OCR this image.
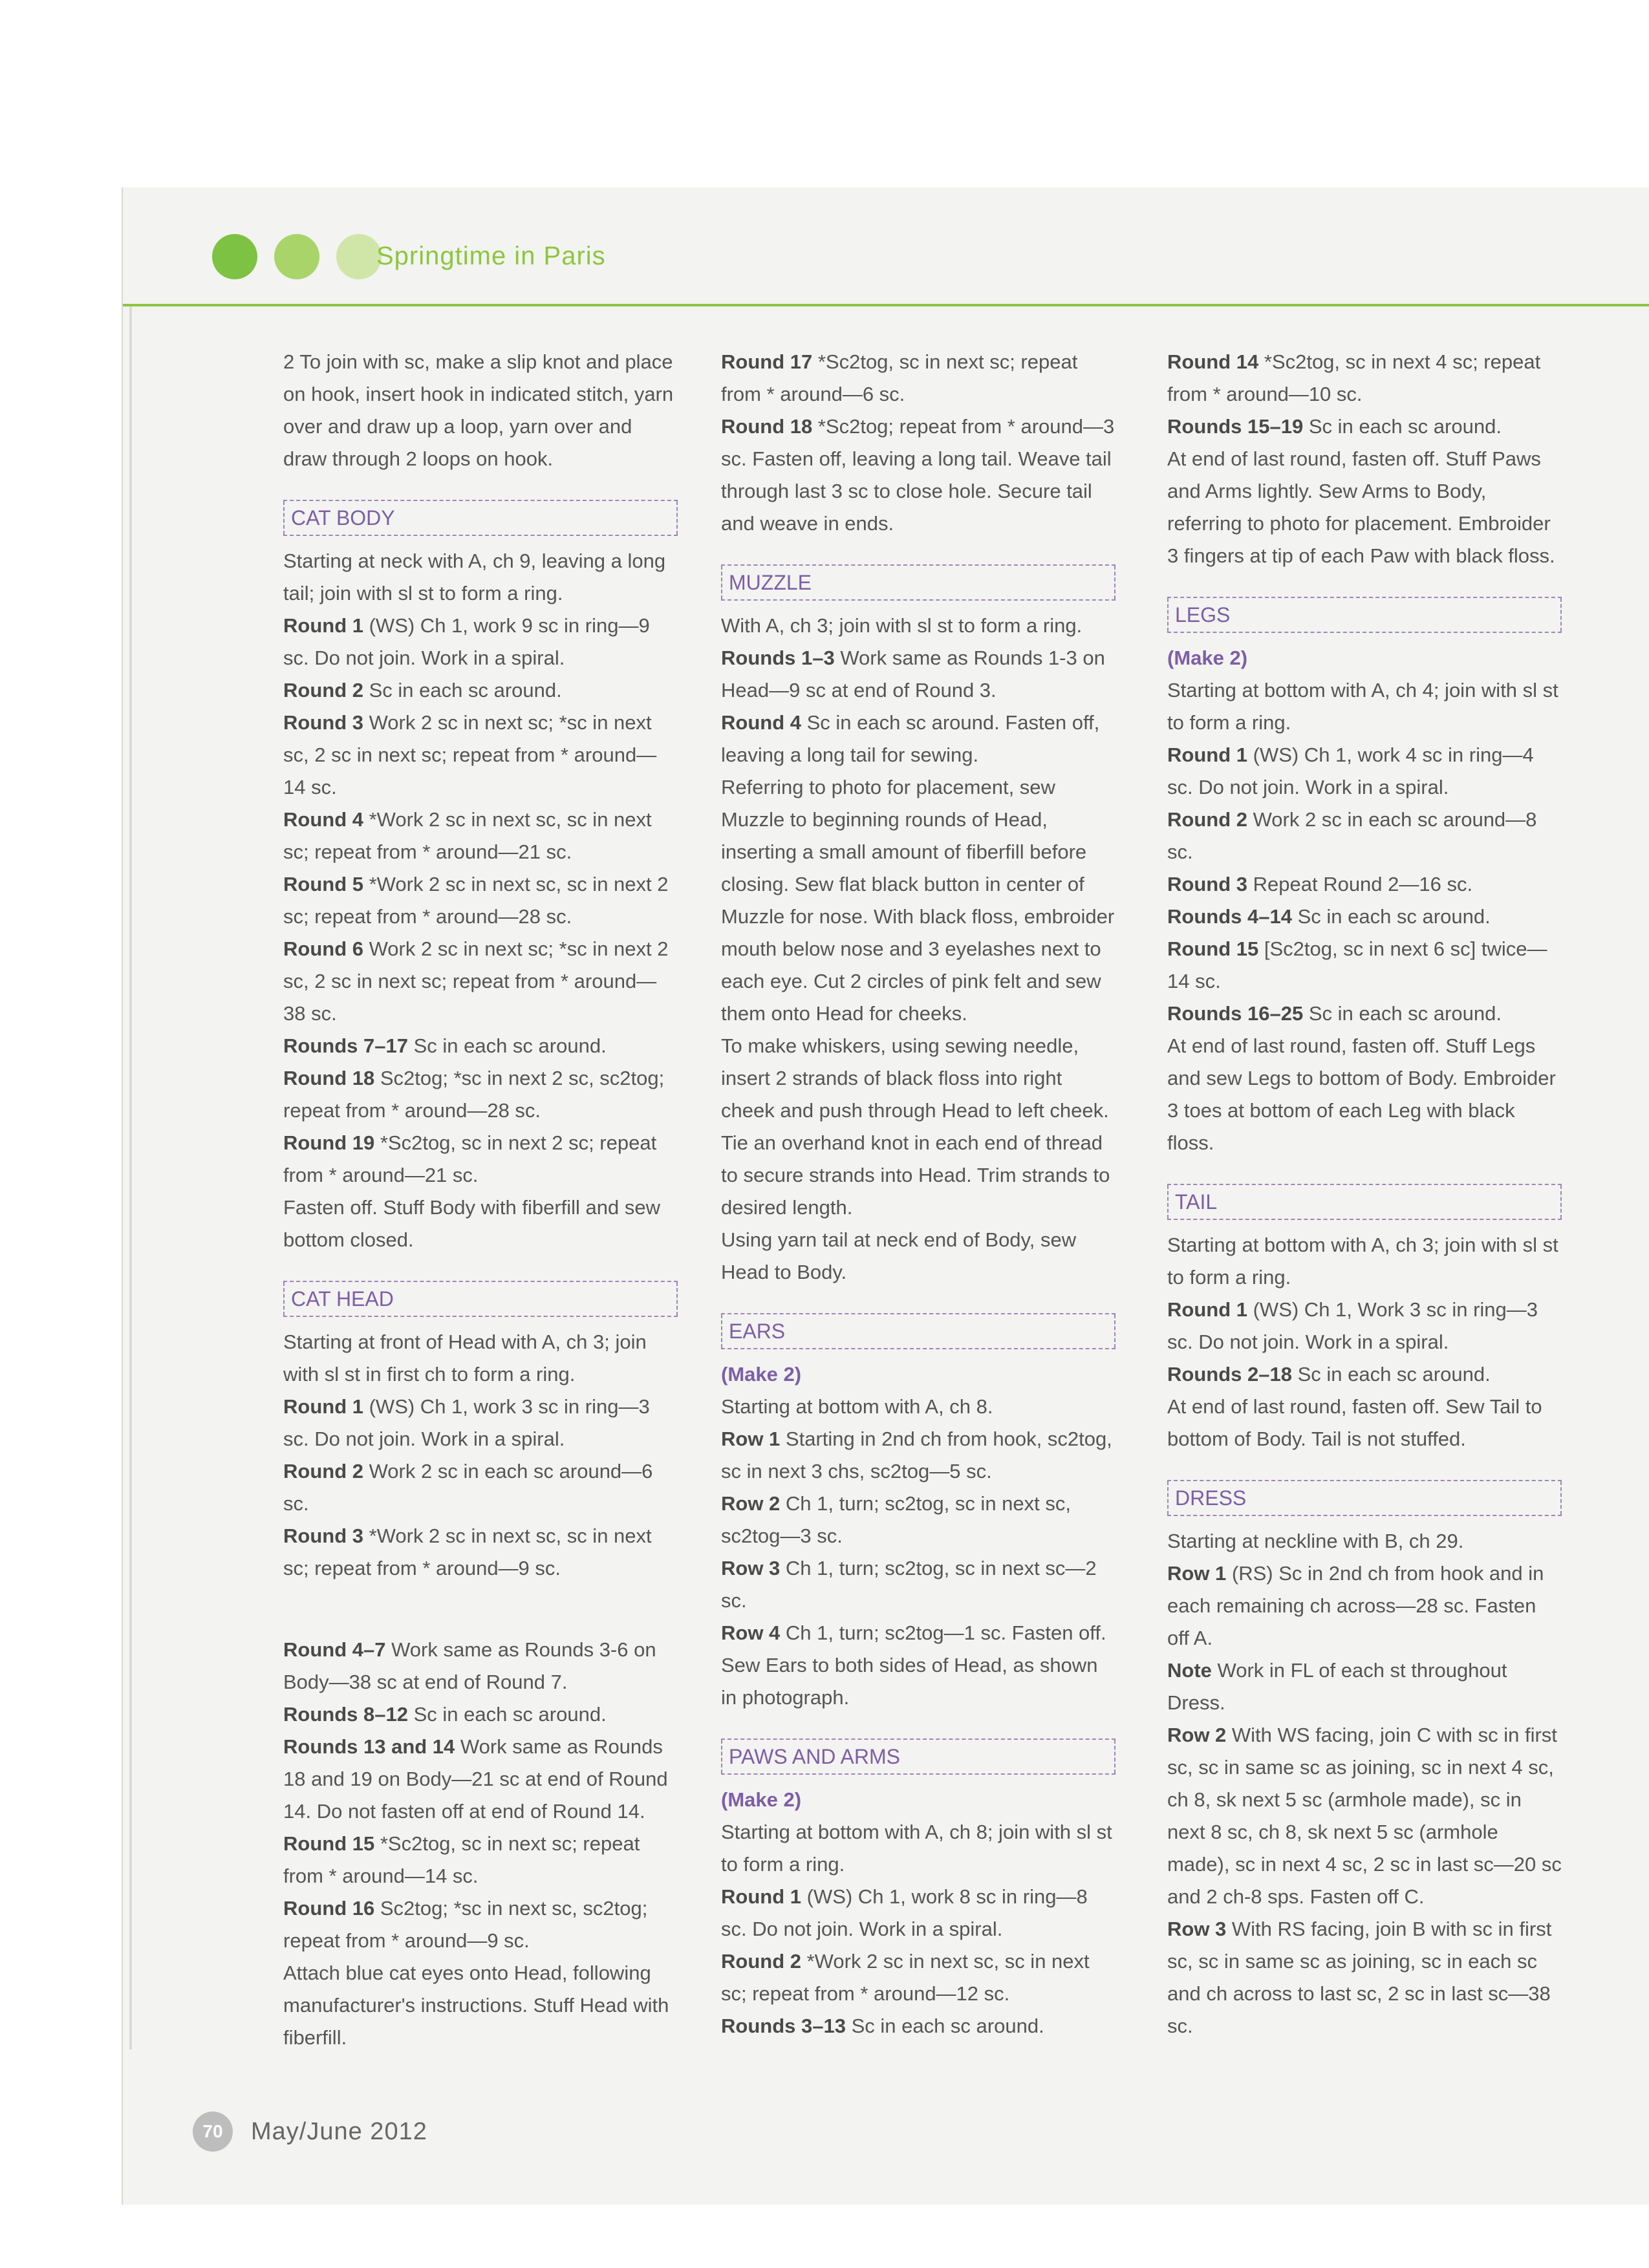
Springtime in Paris

2 To join with sc, make a slip knot and place on hook, insert hook in indicated stitch, yarn over and draw up a loop, yarn over and draw through 2 loops on hook.

CAT BODY

Starting at neck with A, ch 9, leaving a long tail; join with sl st to form a ring.

Round 1 (WS) Ch 1, work 9 sc in ring—9 sc. Do not join. Work in a spiral.

Round 2 Sc in each sc around.

Round 3 Work 2 sc in next sc; *sc in next sc, 2 sc in next sc; repeat from * around—14 sc.

Round 4 *Work 2 sc in next sc, sc in next sc; repeat from * around—21 sc.

Round 5 *Work 2 sc in next sc, sc in next 2 sc; repeat from * around—28 sc.

Round 6 Work 2 sc in next sc; *sc in next 2 sc, 2 sc in next sc; repeat from * around—38 sc.

Rounds 7–17 Sc in each sc around.

Round 18 Sc2tog; *sc in next 2 sc, sc2tog; repeat from * around—28 sc.

Round 19 *Sc2tog, sc in next 2 sc; repeat from * around—21 sc.

Fasten off. Stuff Body with fiberfill and sew bottom closed.

CAT HEAD

Starting at front of Head with A, ch 3; join with sl st in first ch to form a ring.

Round 1 (WS) Ch 1, work 3 sc in ring—3 sc. Do not join. Work in a spiral.

Round 2 Work 2 sc in each sc around—6 sc.

Round 3 *Work 2 sc in next sc, sc in next sc; repeat from * around—9 sc.

Round 4–7 Work same as Rounds 3-6 on Body—38 sc at end of Round 7.

Rounds 8–12 Sc in each sc around.

Rounds 13 and 14 Work same as Rounds 18 and 19 on Body—21 sc at end of Round 14. Do not fasten off at end of Round 14.

Round 15 *Sc2tog, sc in next sc; repeat from * around—14 sc.

Round 16 Sc2tog; *sc in next sc, sc2tog; repeat from * around—9 sc.

Attach blue cat eyes onto Head, following manufacturer's instructions. Stuff Head with fiberfill.

Round 17 *Sc2tog, sc in next sc; repeat from * around—6 sc.

Round 18 *Sc2tog; repeat from * around—3 sc. Fasten off, leaving a long tail. Weave tail through last 3 sc to close hole. Secure tail and weave in ends.

MUZZLE

With A, ch 3; join with sl st to form a ring.

Rounds 1–3 Work same as Rounds 1-3 on Head—9 sc at end of Round 3.

Round 4 Sc in each sc around. Fasten off, leaving a long tail for sewing.

Referring to photo for placement, sew Muzzle to beginning rounds of Head, inserting a small amount of fiberfill before closing. Sew flat black button in center of Muzzle for nose. With black floss, embroider mouth below nose and 3 eyelashes next to each eye. Cut 2 circles of pink felt and sew them onto Head for cheeks.

To make whiskers, using sewing needle, insert 2 strands of black floss into right cheek and push through Head to left cheek. Tie an overhand knot in each end of thread to secure strands into Head. Trim strands to desired length.

Using yarn tail at neck end of Body, sew Head to Body.

EARS

(Make 2)

Starting at bottom with A, ch 8.

Row 1 Starting in 2nd ch from hook, sc2tog, sc in next 3 chs, sc2tog—5 sc.

Row 2 Ch 1, turn; sc2tog, sc in next sc, sc2tog—3 sc.

Row 3 Ch 1, turn; sc2tog, sc in next sc—2 sc.

Row 4 Ch 1, turn; sc2tog—1 sc. Fasten off. Sew Ears to both sides of Head, as shown in photograph.

PAWS AND ARMS

(Make 2)

Starting at bottom with A, ch 8; join with sl st to form a ring.

Round 1 (WS) Ch 1, work 8 sc in ring—8 sc. Do not join. Work in a spiral.

Round 2 *Work 2 sc in next sc, sc in next sc; repeat from * around—12 sc.

Rounds 3–13 Sc in each sc around.

Round 14 *Sc2tog, sc in next 4 sc; repeat from * around—10 sc.

Rounds 15–19 Sc in each sc around.

At end of last round, fasten off. Stuff Paws and Arms lightly. Sew Arms to Body, referring to photo for placement. Embroider 3 fingers at tip of each Paw with black floss.

LEGS

(Make 2)

Starting at bottom with A, ch 4; join with sl st to form a ring.

Round 1 (WS) Ch 1, work 4 sc in ring—4 sc. Do not join. Work in a spiral.

Round 2 Work 2 sc in each sc around—8 sc.

Round 3 Repeat Round 2—16 sc.

Rounds 4–14 Sc in each sc around.

Round 15 [Sc2tog, sc in next 6 sc] twice—14 sc.

Rounds 16–25 Sc in each sc around.

At end of last round, fasten off. Stuff Legs and sew Legs to bottom of Body. Embroider 3 toes at bottom of each Leg with black floss.

TAIL

Starting at bottom with A, ch 3; join with sl st to form a ring.

Round 1 (WS) Ch 1, Work 3 sc in ring—3 sc. Do not join. Work in a spiral.

Rounds 2–18 Sc in each sc around.

At end of last round, fasten off. Sew Tail to bottom of Body. Tail is not stuffed.

DRESS

Starting at neckline with B, ch 29.

Row 1 (RS) Sc in 2nd ch from hook and in each remaining ch across—28 sc. Fasten off A.

Note Work in FL of each st throughout Dress.

Row 2 With WS facing, join C with sc in first sc, sc in same sc as joining, sc in next 4 sc, ch 8, sk next 5 sc (armhole made), sc in next 8 sc, ch 8, sk next 5 sc (armhole made), sc in next 4 sc, 2 sc in last sc—20 sc and 2 ch-8 sps. Fasten off C.

Row 3 With RS facing, join B with sc in first sc, sc in same sc as joining, sc in each sc and ch across to last sc, 2 sc in last sc—38 sc.

70	May/June 2012
